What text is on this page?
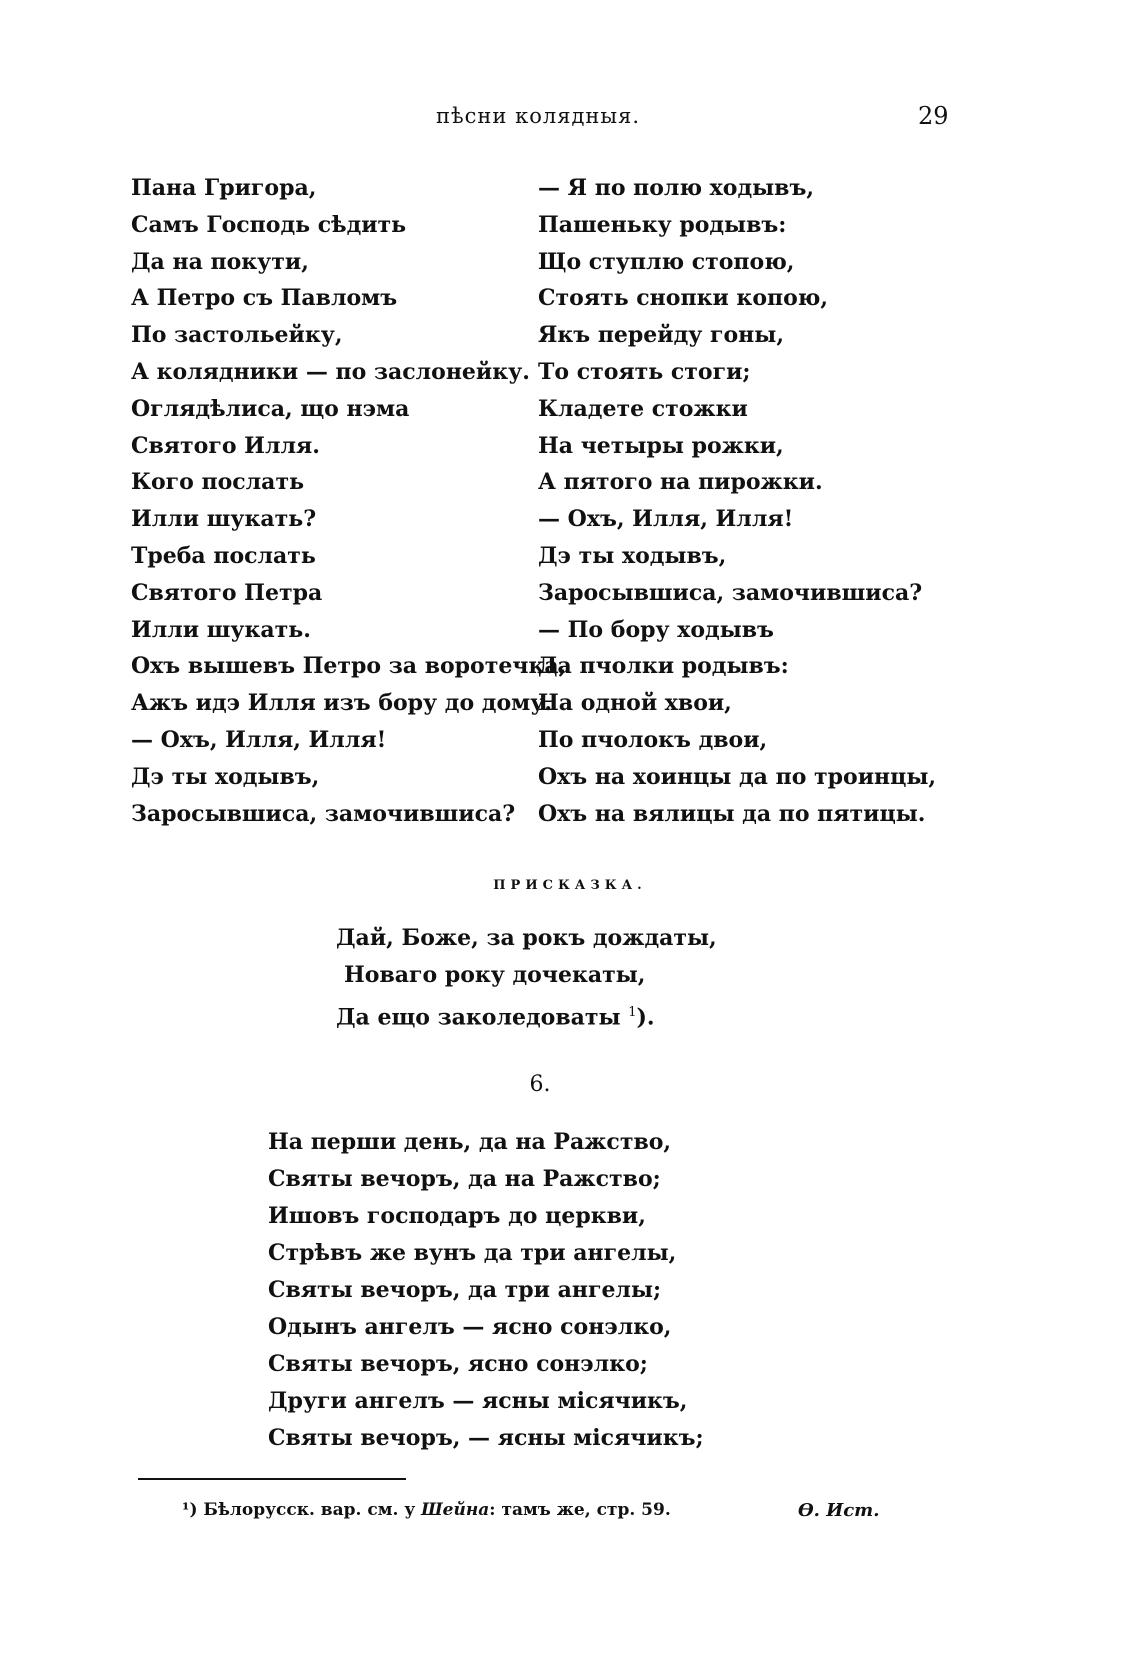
пѣсни колядныя.	29
Пана Григора,
Самъ Господь сѣдить
Да на покути,
А Петро съ Павломъ
По застольейку,
А колядники — по заслонейку.
Оглядѣлиса, що нэма
Святого Илля.
Кого послать
Илли шукать?
Треба послать
Святого Петра
Илли шукать.
Охъ вышевъ Петро за воротечка,
Ажъ идэ Илля изъ бору до дому.
— Охъ, Илля, Илля!
Дэ ты ходывъ,
Заросывшиса, замочившиса?
— Я по полю ходывъ,
Пашеньку родывъ:
Що ступлю стопою,
Стоять снопки копою,
Якъ перейду гоны,
То стоять стоги;
Кладете стожки
На четыры рожки,
А пятого на пирожки.
— Охъ, Илля, Илля!
Дэ ты ходывъ,
Заросывшиса, замочившиса?
— По бору ходывъ
Да пчолки родывъ:
На одной хвои,
По пчолокъ двои,
Охъ на хоинцы да по троинцы,
Охъ на вялицы да по пятицы.
ПРИСКАЗКА.
Дай, Боже, за рокъ дождаты,
Новаго року дочекаты,
Да ещо заколедоваты $^1$).
6.
На перши день, да на Ражство,
Святы вечоръ, да на Ражство;
Ишовъ господаръ до церкви,
Стрѣвъ же вунъ да три ангелы,
Святы вечоръ, да три ангелы;
Одынъ ангелъ — ясно сонэлко,
Святы вечоръ, ясно сонэлко;
Други ангелъ — ясны місячикъ,
Святы вечоръ, — ясны місячикъ;
¹) Бѣлорусск. вар. см. у Шейна: тамъ же, стр. 59.	Ѳ. Ист.
